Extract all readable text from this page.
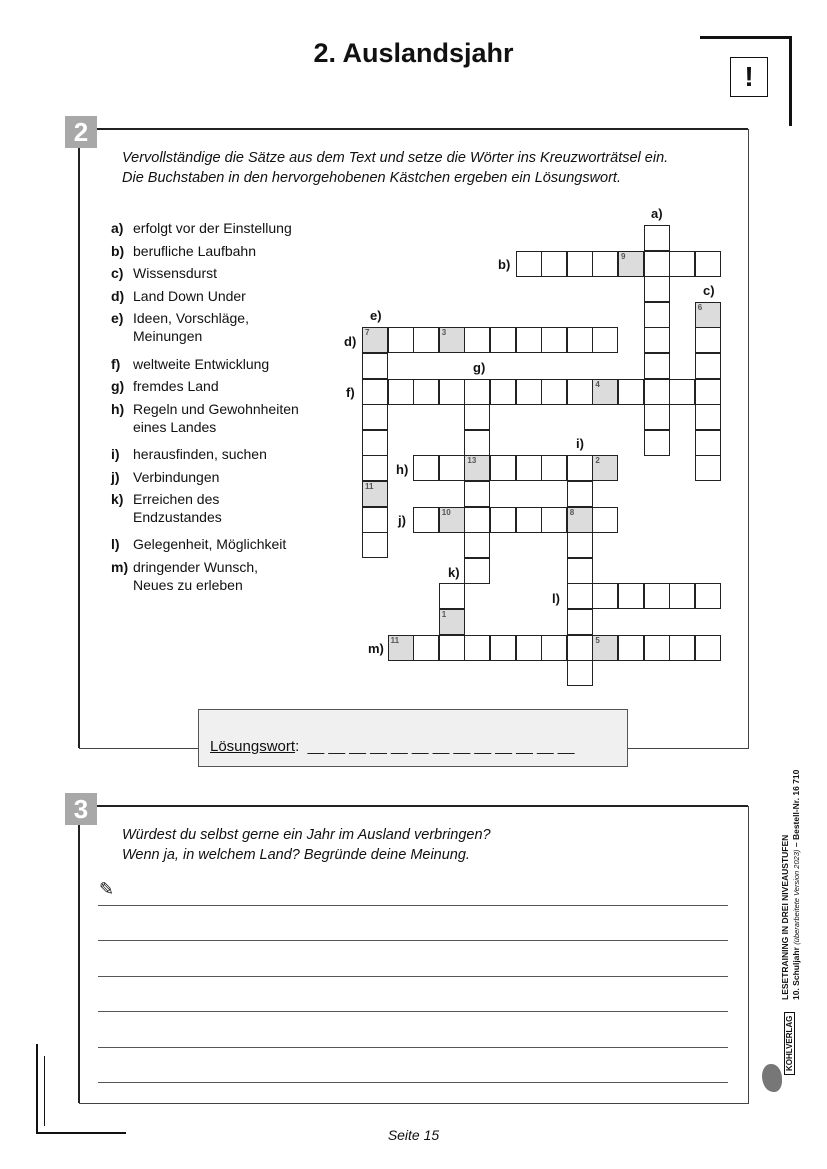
2. Auslandsjahr
!
2
Vervollständige die Sätze aus dem Text und setze die Wörter ins Kreuzworträtsel ein.
Die Buchstaben in den hervorgehobenen Kästchen ergeben ein Lösungswort.
a) erfolgt vor der Einstellung
b) berufliche Laufbahn
c) Wissensdurst
d) Land Down Under
e) Ideen, Vorschläge,
Meinungen
f) weltweite Entwicklung
g) fremdes Land
h) Regeln und Gewohnheiten
eines Landes
i) herausfinden, suchen
j) Verbindungen
k) Erreichen des
Endzustandes
l) Gelegenheit, Möglichkeit
m) dringender Wunsch,
Neues zu erleben
9
7	3
4
13	2
10	8
11	5
6
11
1
a)
b)
c)
d)
e)
f)
g)
h)
i)
j)
k)
l)
m)
Lösungswort: __ __ __ __ __ __ __ __ __ __ __ __ __
3
Würdest du selbst gerne ein Jahr im Ausland verbringen?
Wenn ja, in welchem Land? Begründe deine Meinung.
✎	LESETRAINING IN DREI NIVEAUSTUFEN 10. Schuljahr (überarbeitete Version 2023) – Bestell-Nr. 16 710
KOHLVERLAG
Seite 15
